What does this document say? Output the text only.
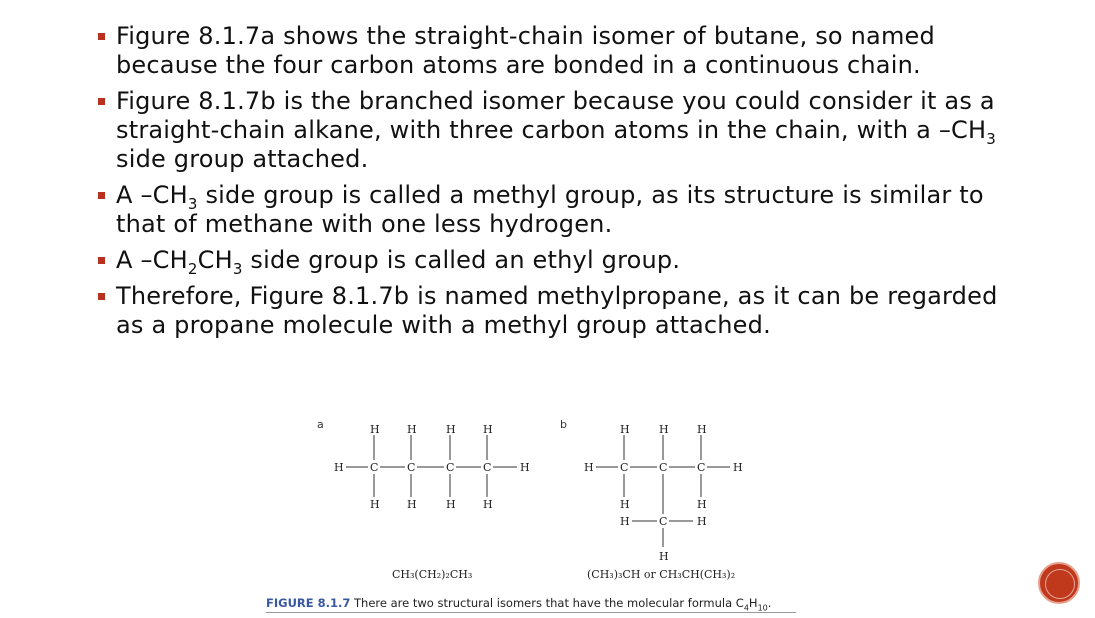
Figure 8.1.7a shows the straight-chain isomer of butane, so named because the four carbon atoms are bonded in a continuous chain.
Figure 8.1.7b is the branched isomer because you could consider it as a straight-chain alkane, with three carbon atoms in the chain, with a $-CH_3$ side group attached.
A $-CH_3$ side group is called a methyl group, as its structure is similar to that of methane with one less hydrogen.
A $-CH_2CH_3$ side group is called an ethyl group.
Therefore, Figure 8.1.7b is named methylpropane, as it can be regarded as a propane molecule with a methyl group attached.
a	b
H C	C	C	C	H
H H	H H
H H	H H
H C	C	C	H
H	H	H
H	H
H	C	H
H
CH₃(CH₂)₂CH₃	(CH₃)₃CH or CH₃CH(CH₃)₂
FIGURE 8.1.7 There are two structural isomers that have the molecular formula $C_4H_{10}$.
